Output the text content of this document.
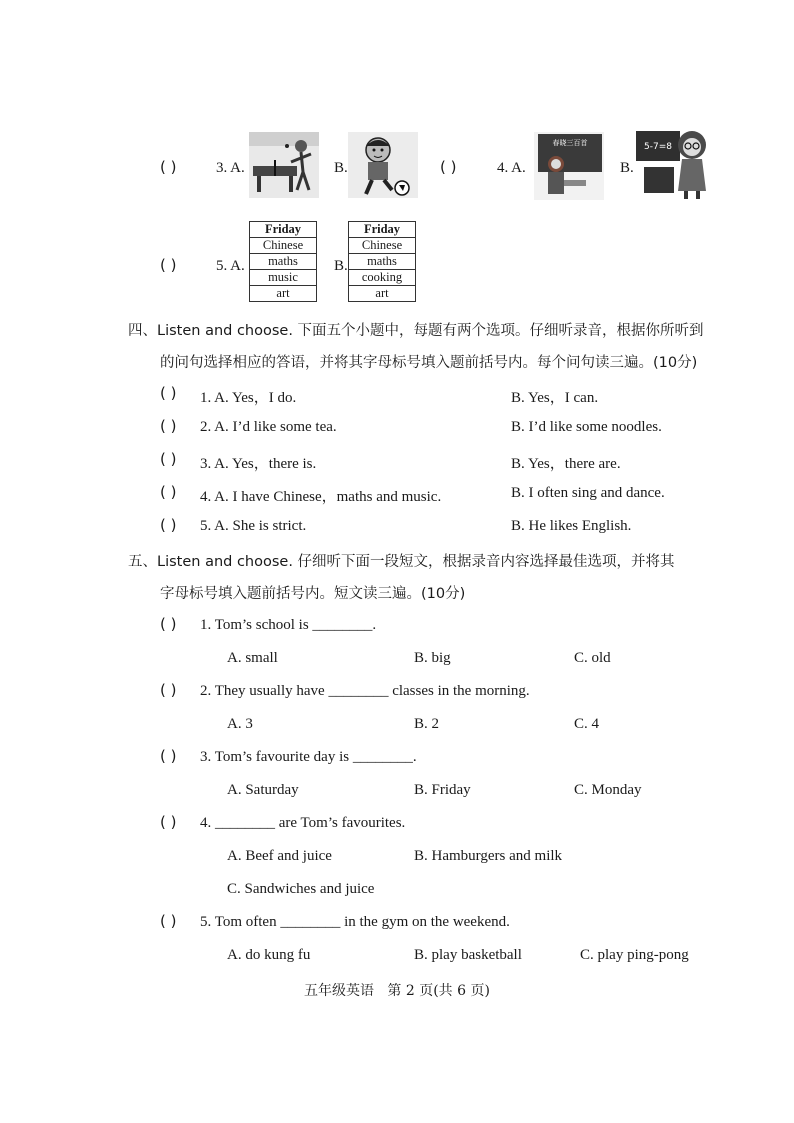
( )	3. A.	B.	( )	4. A.
春晓三百首
B.
5-7=8
( )	5. A.
Friday
Chinese
maths
music
art
B.
Friday
Chinese
maths
cooking
art
四、Listen and choose. 下面五个小题中，每题有两个选项。仔细听录音，根据你所听到
的问句选择相应的答语，并将其字母标号填入题前括号内。每个问句读三遍。(10分)
( ) 1. A. Yes，I do.	B. Yes，I can.
( ) 2. A. I’d like some tea.	B. I’d like some noodles.
( ) 3. A. Yes，there is.	B. Yes，there are.
( ) 4. A. I have Chinese，maths and music.	B. I often sing and dance.
( ) 5. A. She is strict.	B. He likes English.
五、Listen and choose. 仔细听下面一段短文，根据录音内容选择最佳选项，并将其
字母标号填入题前括号内。短文读三遍。(10分)
( ) 1. Tom’s school is ________.
A. small	B. big	C. old
( ) 2. They usually have ________ classes in the morning.
A. 3	B. 2	C. 4
( ) 3. Tom’s favourite day is ________.
A. Saturday	B. Friday	C. Monday
( ) 4. ________ are Tom’s favourites.
A. Beef and juice	B. Hamburgers and milk
C. Sandwiches and juice
( ) 5. Tom often ________ in the gym on the weekend.
A. do kung fu	B. play basketball	C. play ping-pong
五年级英语   第 2 页(共 6 页)
